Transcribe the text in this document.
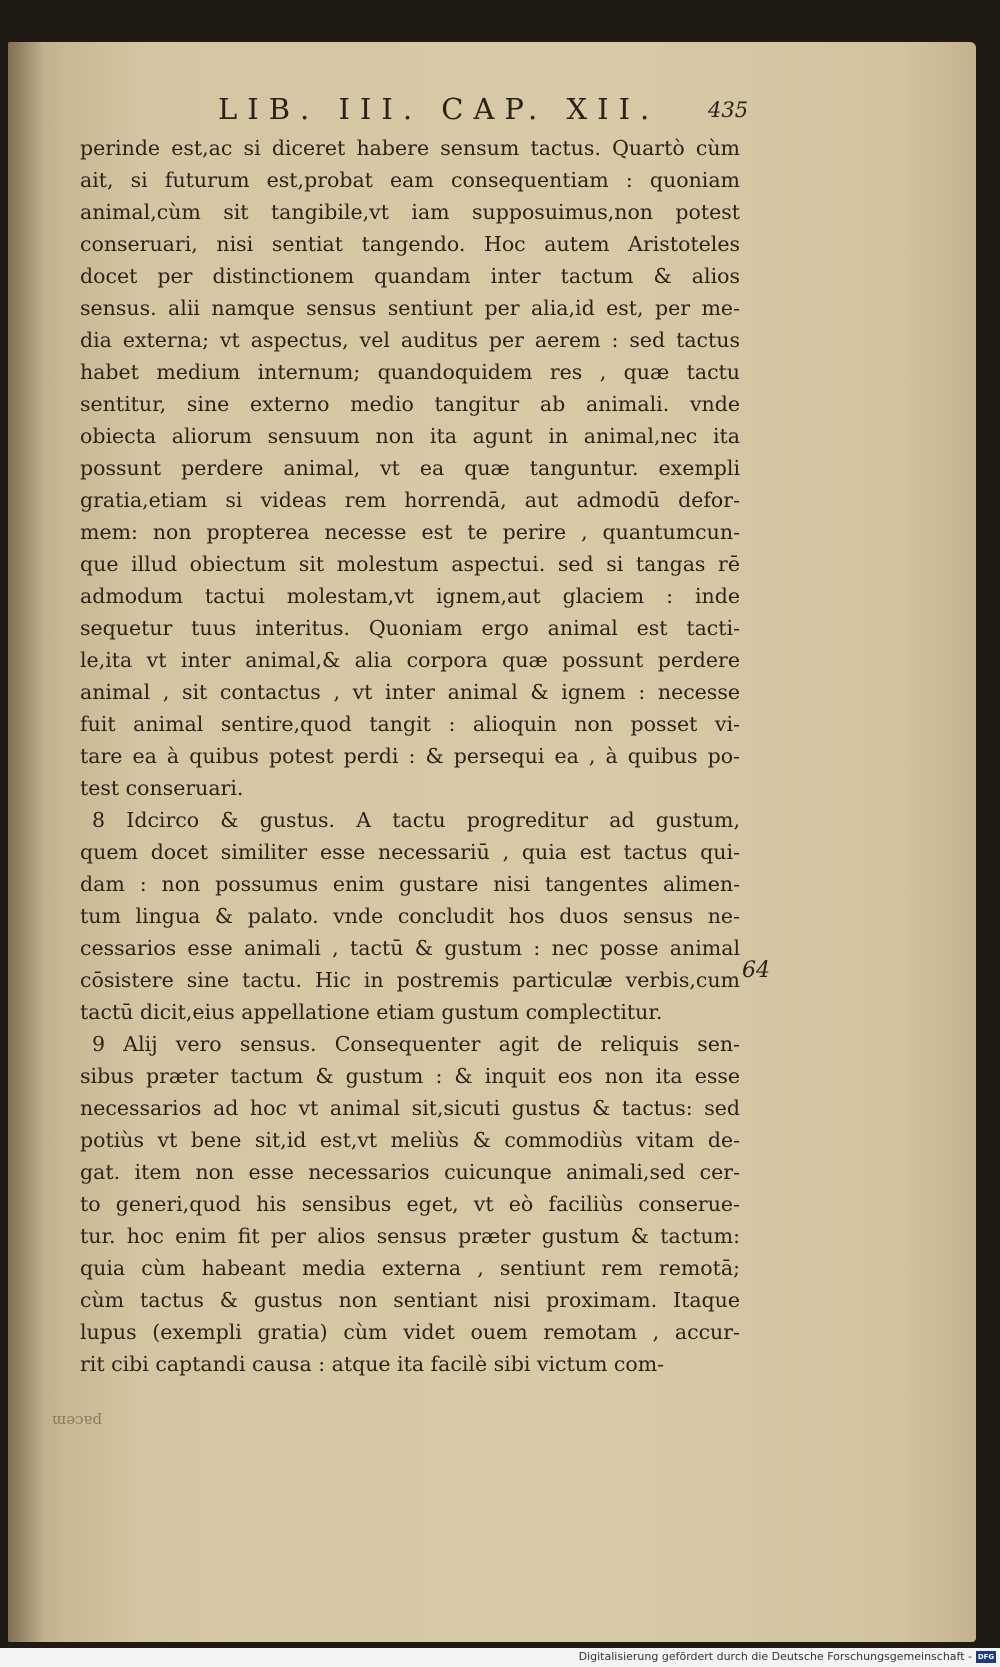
LIB. III. CAP. XII.	435
perinde est,ac si diceret habere sensum tactus. Quartò cùm
ait, si futurum est,probat eam consequentiam : quoniam
animal,cùm sit tangibile,vt iam supposuimus,non potest
conseruari, nisi sentiat tangendo. Hoc autem Aristoteles
docet per distinctionem quandam inter tactum & alios
sensus. alii namque sensus sentiunt per alia,id est, per me-
dia externa; vt aspectus, vel auditus per aerem : sed tactus
habet medium internum; quandoquidem res , quæ tactu
sentitur, sine externo medio tangitur ab animali. vnde
obiecta aliorum sensuum non ita agunt in animal,nec ita
possunt perdere animal, vt ea quæ tanguntur. exempli
gratia,etiam si videas rem horrendā, aut admodū defor-
mem: non propterea necesse est te perire , quantumcun-
que illud obiectum sit molestum aspectui. sed si tangas rē
admodum tactui molestam,vt ignem,aut glaciem : inde
sequetur tuus interitus. Quoniam ergo animal est tacti-
le,ita vt inter animal,& alia corpora quæ possunt perdere
animal , sit contactus , vt inter animal & ignem : necesse
fuit animal sentire,quod tangit : alioquin non posset vi-
tare ea à quibus potest perdi : & persequi ea , à quibus po-
test conseruari.
8 Idcirco & gustus. A tactu progreditur ad gustum,
quem docet similiter esse necessariū , quia est tactus qui-
dam : non possumus enim gustare nisi tangentes alimen-
tum lingua & palato. vnde concludit hos duos sensus ne-
cessarios esse animali , tactū & gustum : nec posse animal
cōsistere sine tactu. Hic in postremis particulæ verbis,cum
tactū dicit,eius appellatione etiam gustum complectitur.
9 Alij vero sensus. Consequenter agit de reliquis sen-
sibus præter tactum & gustum : & inquit eos non ita esse
necessarios ad hoc vt animal sit,sicuti gustus & tactus: sed
potiùs vt bene sit,id est,vt meliùs & commodiùs vitam de-
gat. item non esse necessarios cuicunque animali,sed cer-
to generi,quod his sensibus eget, vt eò faciliùs conserue-
tur. hoc enim fit per alios sensus præter gustum & tactum:
quia cùm habeant media externa , sentiunt rem remotā;
cùm tactus & gustus non sentiant nisi proximam. Itaque
lupus (exempli gratia) cùm videt ouem remotam , accur-
rit cibi captandi causa : atque ita facilè sibi victum com-
64
pacem
Digitalisierung gefördert durch die Deutsche Forschungsgemeinschaft - DFG
